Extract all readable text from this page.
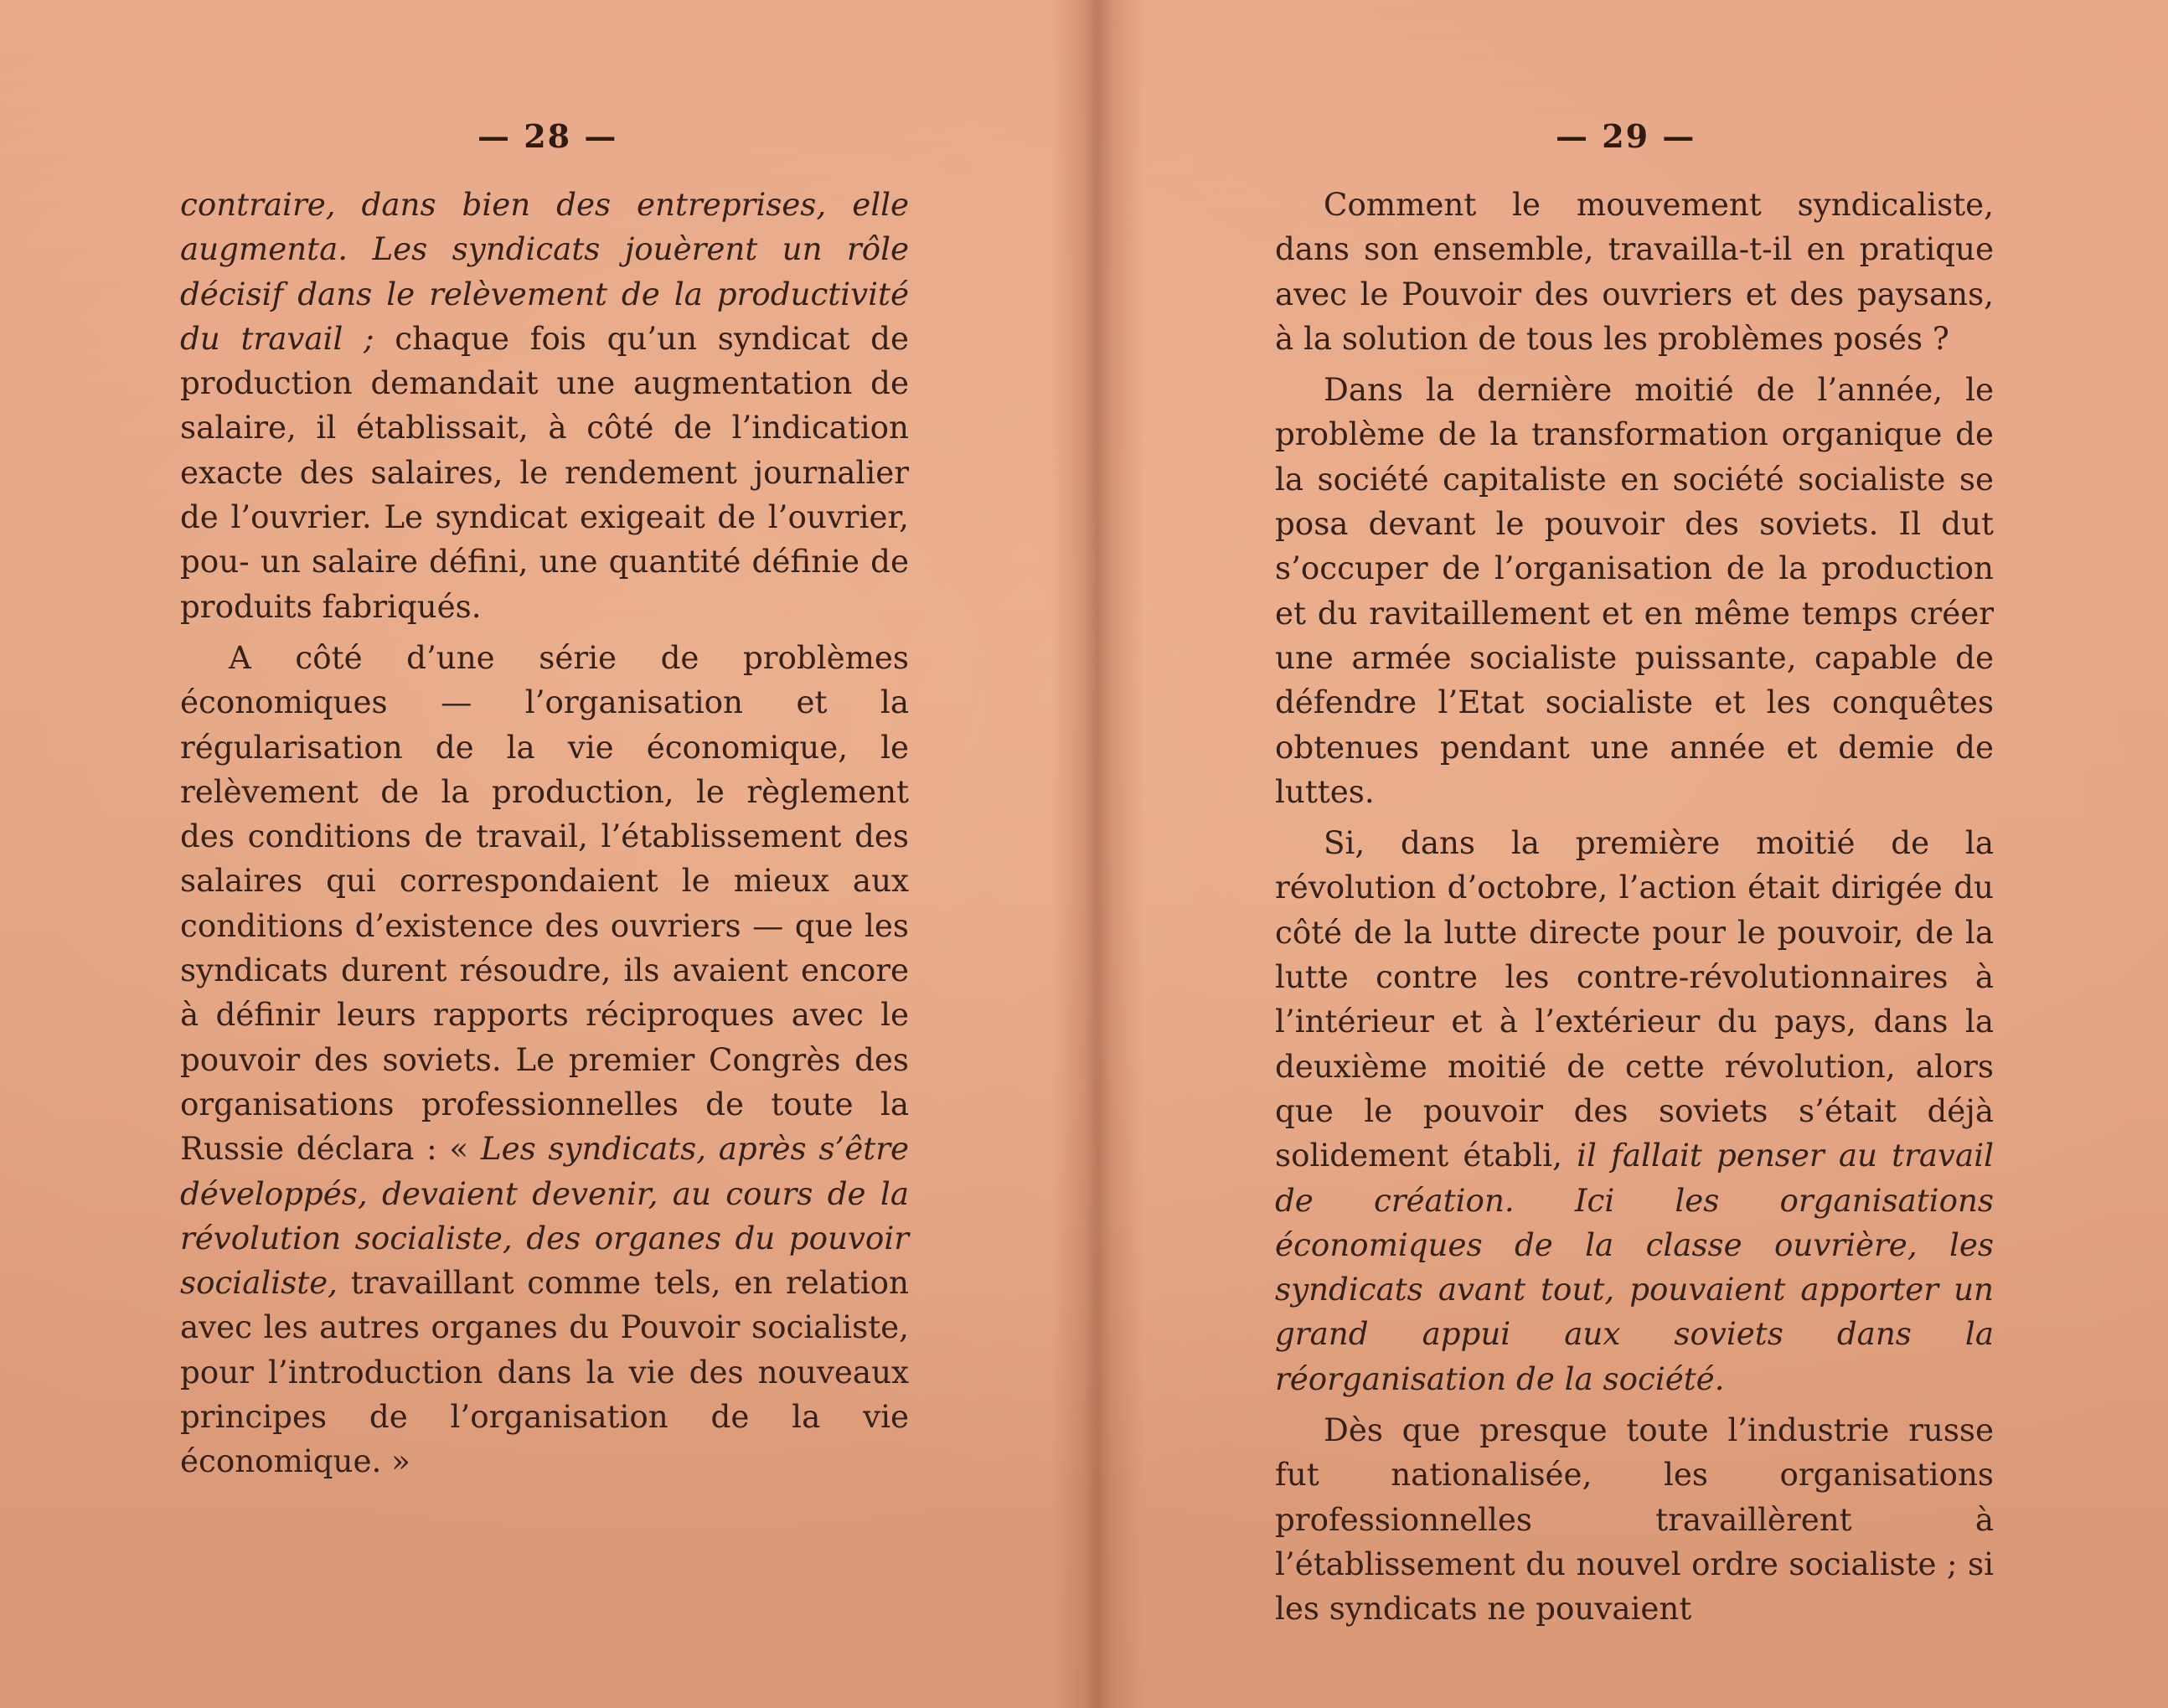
— 28 —

contraire, dans bien des entreprises, elle augmenta. Les syndicats jouèrent un rôle décisif dans le relèvement de la productivité du travail ; chaque fois qu’un syndicat de production demandait une augmentation de salaire, il établissait, à côté de l’indication exacte des salaires, le rendement journalier de l’ouvrier. Le syndicat exigeait de l’ouvrier, pou- un salaire défini, une quantité définie de produits fabriqués.

A côté d’une série de problèmes économiques — l’organisation et la régularisation de la vie économique, le relèvement de la production, le règlement des conditions de travail, l’établissement des salaires qui correspondaient le mieux aux conditions d’existence des ouvriers — que les syndicats durent résoudre, ils avaient encore à définir leurs rapports réciproques avec le pouvoir des soviets. Le premier Congrès des organisations professionnelles de toute la Russie déclara : « Les syndicats, après s’être développés, devaient devenir, au cours de la révolution socialiste, des organes du pouvoir socialiste, travaillant comme tels, en relation avec les autres organes du Pouvoir socialiste, pour l’introduction dans la vie des nouveaux principes de l’organisation de la vie économique. »

— 29 —

Comment le mouvement syndicaliste, dans son ensemble, travailla-t-il en pratique avec le Pouvoir des ouvriers et des paysans, à la solution de tous les problèmes posés ?

Dans la dernière moitié de l’année, le problème de la transformation organique de la société capitaliste en société socialiste se posa devant le pouvoir des soviets. Il dut s’occuper de l’organisation de la production et du ravitaillement et en même temps créer une armée socialiste puissante, capable de défendre l’Etat socialiste et les conquêtes obtenues pendant une année et demie de luttes.

Si, dans la première moitié de la révolution d’octobre, l’action était dirigée du côté de la lutte directe pour le pouvoir, de la lutte contre les contre-révolutionnaires à l’intérieur et à l’extérieur du pays, dans la deuxième moitié de cette révolution, alors que le pouvoir des soviets s’était déjà solidement établi, il fallait penser au travail de création. Ici les organisations économiques de la classe ouvrière, les syndicats avant tout, pouvaient apporter un grand appui aux soviets dans la réorganisation de la société.

Dès que presque toute l’industrie russe fut nationalisée, les organisations professionnelles travaillèrent à l’établissement du nouvel ordre socialiste ; si les syndicats ne pouvaient
